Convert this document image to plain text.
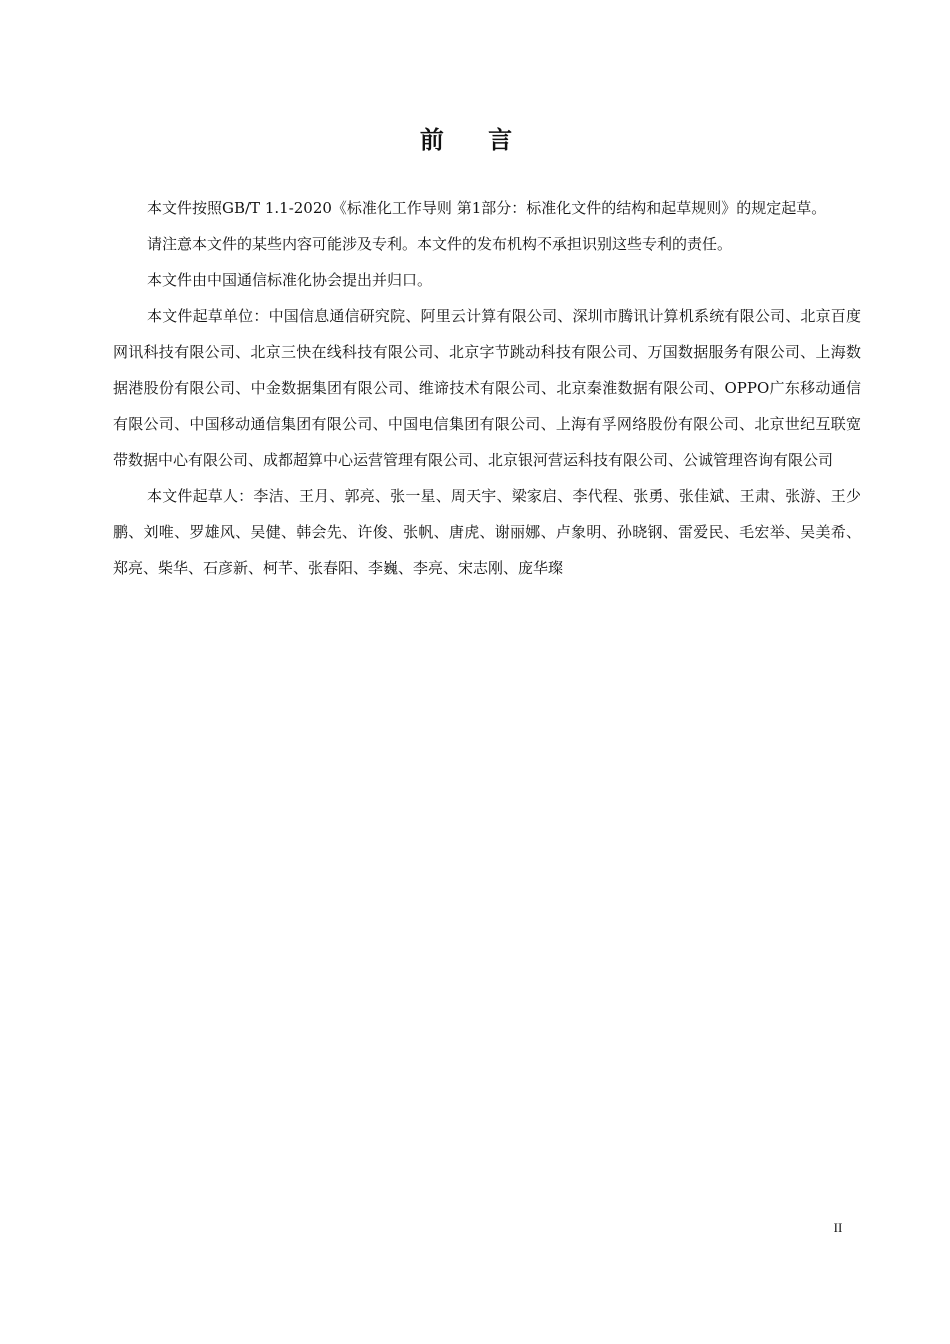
前 言

本文件按照GB/T 1.1-2020《标准化工作导则 第1部分：标准化文件的结构和起草规则》的规定起草。

请注意本文件的某些内容可能涉及专利。本文件的发布机构不承担识别这些专利的责任。

本文件由中国通信标准化协会提出并归口。

本文件起草单位：中国信息通信研究院、阿里云计算有限公司、深圳市腾讯计算机系统有限公司、北京百度网讯科技有限公司、北京三快在线科技有限公司、北京字节跳动科技有限公司、万国数据服务有限公司、上海数据港股份有限公司、中金数据集团有限公司、维谛技术有限公司、北京秦淮数据有限公司、OPPO广东移动通信有限公司、中国移动通信集团有限公司、中国电信集团有限公司、上海有孚网络股份有限公司、北京世纪互联宽带数据中心有限公司、成都超算中心运营管理有限公司、北京银河营运科技有限公司、公诚管理咨询有限公司

本文件起草人：李洁、王月、郭亮、张一星、周天宇、梁家启、李代程、张勇、张佳斌、王肃、张游、王少鹏、刘唯、罗雄风、吴健、韩会先、许俊、张帆、唐虎、谢丽娜、卢象明、孙晓钢、雷爱民、毛宏举、吴美希、郑亮、柴华、石彦新、柯芊、张春阳、李巍、李亮、宋志刚、庞华璨

II
